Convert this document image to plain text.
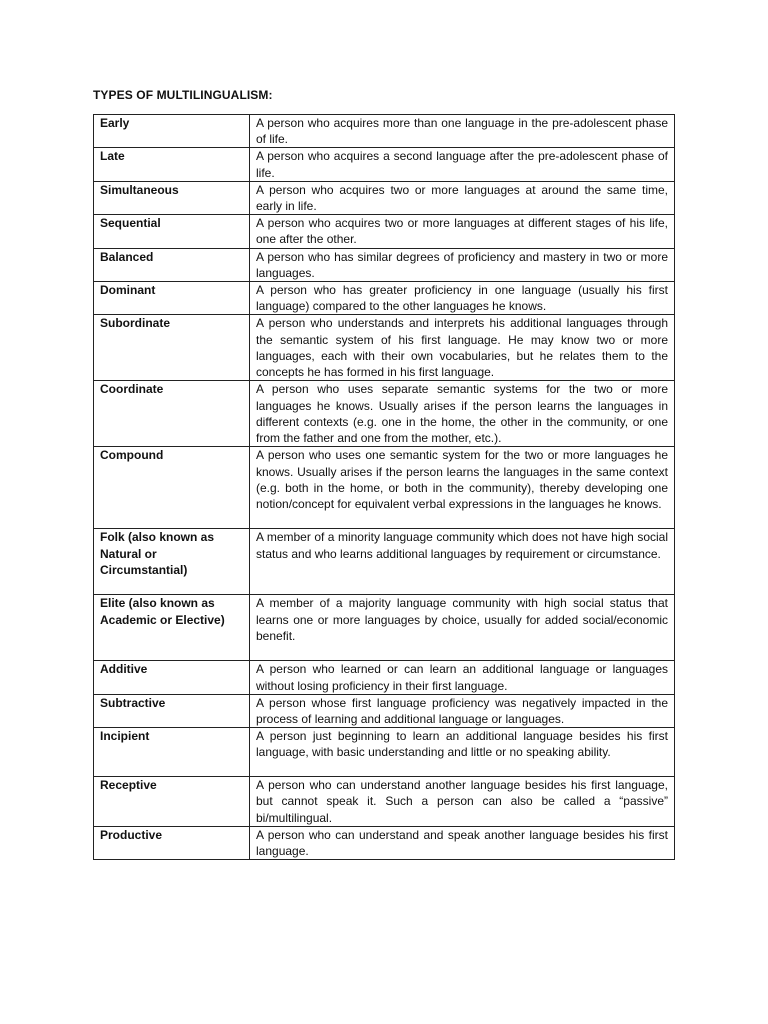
TYPES OF MULTILINGUALISM:
Early	A person who acquires more than one language in the pre-adolescent phase of life.
Late	A person who acquires a second language after the pre-adolescent phase of life.
Simultaneous	A person who acquires two or more languages at around the same time, early in life.
Sequential	A person who acquires two or more languages at different stages of his life, one after the other.
Balanced	A person who has similar degrees of proficiency and mastery in two or more languages.
Dominant	A person who has greater proficiency in one language (usually his first language) compared to the other languages he knows.
Subordinate	A person who understands and interprets his additional languages through the semantic system of his first language. He may know two or more languages, each with their own vocabularies, but he relates them to the concepts he has formed in his first language.
Coordinate	A person who uses separate semantic systems for the two or more languages he knows. Usually arises if the person learns the languages in different contexts (e.g. one in the home, the other in the community, or one from the father and one from the mother, etc.).
Compound	A person who uses one semantic system for the two or more languages he knows. Usually arises if the person learns the languages in the same context (e.g. both in the home, or both in the community), thereby developing one notion/concept for equivalent verbal expressions in the languages he knows.
Folk (also known as Natural or Circumstantial)	A member of a minority language community which does not have high social status and who learns additional languages by requirement or circumstance.
Elite (also known as Academic or Elective)	A member of a majority language community with high social status that learns one or more languages by choice, usually for added social/economic benefit.
Additive	A person who learned or can learn an additional language or languages without losing proficiency in their first language.
Subtractive	A person whose first language proficiency was negatively impacted in the process of learning and additional language or languages.
Incipient	A person just beginning to learn an additional language besides his first language, with basic understanding and little or no speaking ability.
Receptive	A person who can understand another language besides his first language, but cannot speak it. Such a person can also be called a “passive” bi/multilingual.
Productive	A person who can understand and speak another language besides his first language.
